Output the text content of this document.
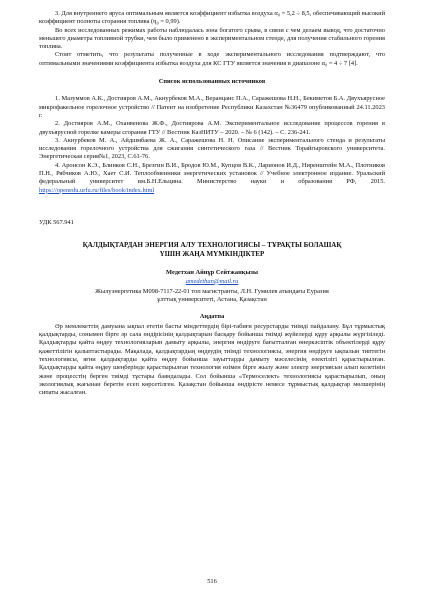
3. Для внутреннего яруса оптимальным является коэффициент избытка воздуха α₀ = 5,2 ÷ 8,5, обеспечивающий высокий коэффициент полноты сгорания топлива (η₀ = 0,99).

Во всех исследованных режимах работы наблюдалась зона богатого срыва, в связи с чем делаем вывод, что достаточно меньшего диаметра топливной трубки, чем было применено в экспериментальном стенде, для получения стабильного горения топлива.

Стоит отметить, что результаты полученные в ходе экспериментального исследования подтверждают, что оптимальными значениями коэффициента избытка воздуха для КС ГТУ является значения в диапазоне α₀ = 4 ÷ 7 [4].

Список использованных источников

1. Мазуммов А.К., Достияров А.М., Акнурбеков М.А., Веранцаис П.А., Саражешова Н.Н., Бекиметов Б.А. Двухъярусное микрофакельное горелочное устройство // Патент на изобретение Республики Казахстан №36479 опубликованный 24.11.2023 г.

2. Достияров А.М., Оханвенова Ж.Ф., Достиярова А.М. Экспериментальное исследование процессов горения в двухъярусной горелке камеры сгорания ГТУ // Вестник КазНИТУ – 2020. – № 6 (142). – С. 236-241.

3. Акнурбеков М. А., Айдшмбаева Ж. А., Саражешова Н. Н. Описание экспериментального стенда и результаты исследования горелочного устройства для сжигания синтетического газа // Вестник Торайгыровского университета. Энергетическая серия№1, 2023, С.61-76.

4. Аронсон К.Э., Блинков С.Н., Брезгин В.И., Бродов Ю.М., Купцов В.К., Ларионов И.Д., Ниренштейн М.А., Плотников П.Н., Рябчиков А.Ю., Хает С.И. Теплообменники энергетических установок // Учебное электронное издание. Уральский федеральный университет им.Б.Н.Ельцина. Министерство науки и образования РФ, 2015. https://openedu.urfu.ru/files/book/index.html

УДК 567.941
ҚАЛДЫҚТАРДАН ЭНЕРГИЯ АЛУ ТЕХНОЛОГИЯСЫ – ТҰРАҚТЫ БОЛАШАҚ
ҮШІН ЖАҢА МҮМКІНДІКТЕР

Медетхан Айнұр Сейтжанқызы

amedethan@mail.ru

Жылуэнергетика М098-7117-22-01 топ магистранты, Л.Н. Гумилев атындағы Еуразия
ұлттық университеті, Астана, Қазақстан
Аңдатпа

Әр мемлекеттің дамуына ықпал ететін басты міндеттердің бірі-табиғи ресурстарды тиімді пайдалану. Бұл тұрмыстық қалдықтарды, сонымен бірге әр сала өндірісінің қалдықтарын басқару бойынша тиімді жүйелерді құру арқылы жүргізіледі. Қалдықтарды қайта өңдеу технологияларын дамыту арқылы, энергия өндіруге бағытталған өнеркәсіптік объектілерді құру қажеттілігін қалыптастырады. Мақалада, қалдықтардың өңдеудің тиімді технологиясы, энергия өндіруге ықпалын типтегін технологиясы, яғни қалдықтарды қайта өңдеу бойынша зауыттарды дамыту мәселесінің өзектілігі қарастырылған. Қалдықтарды қайта өңдеу шеңберінде қарастырылған технология өзімен бірге жылу және электр энергиясын алып келетінін және процесстің берген тиімді тұстары баяндалады. Сол бойынша «Термоселект» технологиясы қарастырылып, оның экологиялық жағынан беретін есеп көрсетілген. Қазақстан бойынша өндірісте немесе тұрмыстық қалдықтар мөлшерінің сипаты жасалған.

516
